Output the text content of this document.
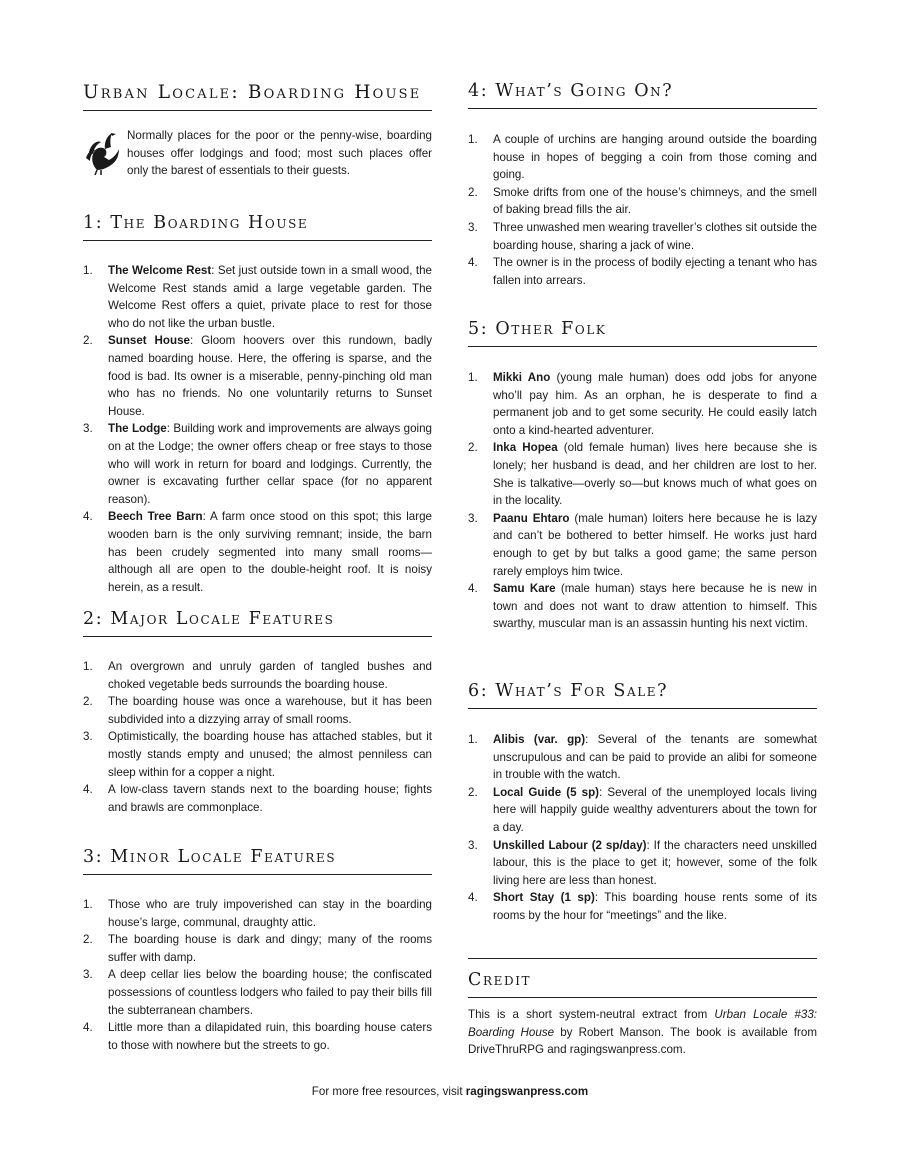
Urban Locale: Boarding House

Normally places for the poor or the penny-wise, boarding houses offer lodgings and food; most such places offer only the barest of essentials to their guests.

1: The Boarding House
1. The Welcome Rest: Set just outside town in a small wood, the Welcome Rest stands amid a large vegetable garden. The Welcome Rest offers a quiet, private place to rest for those who do not like the urban bustle.
2. Sunset House: Gloom hoovers over this rundown, badly named boarding house. Here, the offering is sparse, and the food is bad. Its owner is a miserable, penny-pinching old man who has no friends. No one voluntarily returns to Sunset House.
3. The Lodge: Building work and improvements are always going on at the Lodge; the owner offers cheap or free stays to those who will work in return for board and lodgings. Currently, the owner is excavating further cellar space (for no apparent reason).
4. Beech Tree Barn: A farm once stood on this spot; this large wooden barn is the only surviving remnant; inside, the barn has been crudely segmented into many small rooms—although all are open to the double-height roof. It is noisy herein, as a result.
2: Major Locale Features
1. An overgrown and unruly garden of tangled bushes and choked vegetable beds surrounds the boarding house.
2. The boarding house was once a warehouse, but it has been subdivided into a dizzying array of small rooms.
3. Optimistically, the boarding house has attached stables, but it mostly stands empty and unused; the almost penniless can sleep within for a copper a night.
4. A low-class tavern stands next to the boarding house; fights and brawls are commonplace.
3: Minor Locale Features
1. Those who are truly impoverished can stay in the boarding house’s large, communal, draughty attic.
2. The boarding house is dark and dingy; many of the rooms suffer with damp.
3. A deep cellar lies below the boarding house; the confiscated possessions of countless lodgers who failed to pay their bills fill the subterranean chambers.
4. Little more than a dilapidated ruin, this boarding house caters to those with nowhere but the streets to go.
4: What’s Going On?
1. A couple of urchins are hanging around outside the boarding house in hopes of begging a coin from those coming and going.
2. Smoke drifts from one of the house’s chimneys, and the smell of baking bread fills the air.
3. Three unwashed men wearing traveller’s clothes sit outside the boarding house, sharing a jack of wine.
4. The owner is in the process of bodily ejecting a tenant who has fallen into arrears.
5: Other Folk
1. Mikki Ano (young male human) does odd jobs for anyone who’ll pay him. As an orphan, he is desperate to find a permanent job and to get some security. He could easily latch onto a kind-hearted adventurer.
2. Inka Hopea (old female human) lives here because she is lonely; her husband is dead, and her children are lost to her. She is talkative—overly so—but knows much of what goes on in the locality.
3. Paanu Ehtaro (male human) loiters here because he is lazy and can’t be bothered to better himself. He works just hard enough to get by but talks a good game; the same person rarely employs him twice.
4. Samu Kare (male human) stays here because he is new in town and does not want to draw attention to himself. This swarthy, muscular man is an assassin hunting his next victim.
6: What’s For Sale?
1. Alibis (var. gp): Several of the tenants are somewhat unscrupulous and can be paid to provide an alibi for someone in trouble with the watch.
2. Local Guide (5 sp): Several of the unemployed locals living here will happily guide wealthy adventurers about the town for a day.
3. Unskilled Labour (2 sp/day): If the characters need unskilled labour, this is the place to get it; however, some of the folk living here are less than honest.
4. Short Stay (1 sp): This boarding house rents some of its rooms by the hour for “meetings” and the like.
Credit

This is a short system-neutral extract from Urban Locale #33: Boarding House by Robert Manson. The book is available from DriveThruRPG and ragingswanpress.com.

For more free resources, visit ragingswanpress.com
